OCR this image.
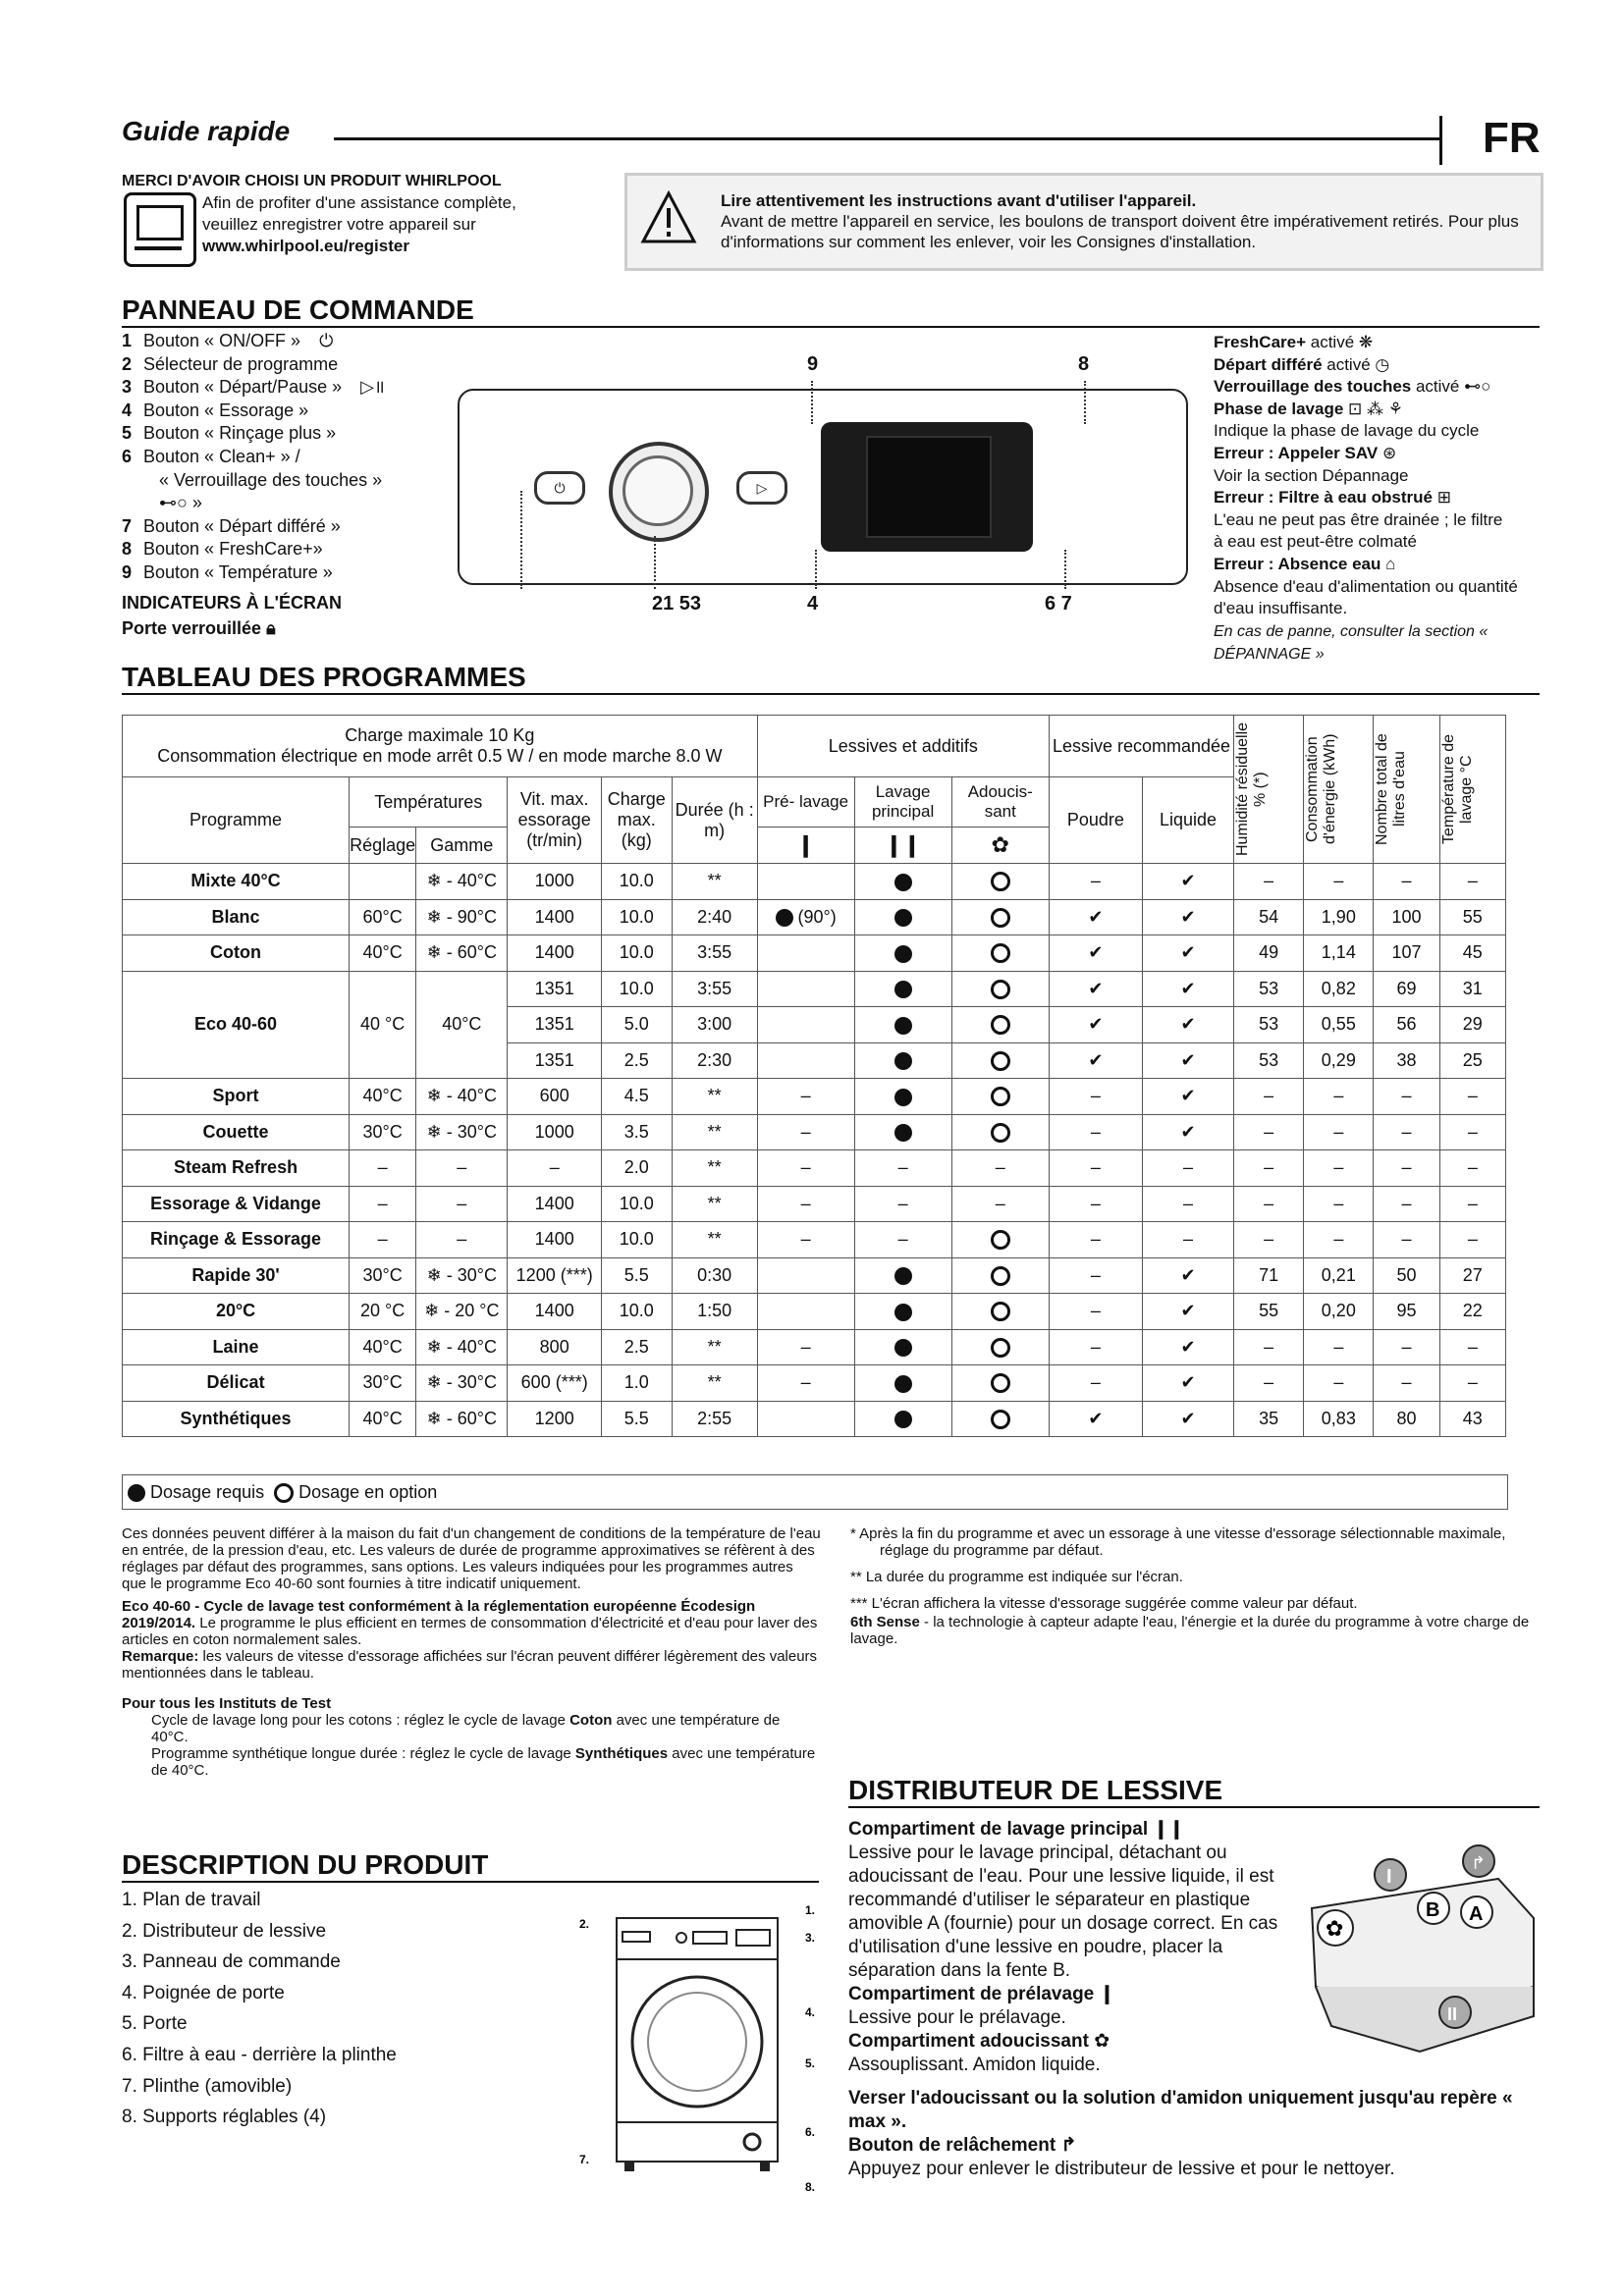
Guide rapide	FR
MERCI D'AVOIR CHOISI UN PRODUIT WHIRLPOOL
Afin de profiter d'une assistance complète,
veuillez enregistrer votre appareil sur
www.whirlpool.eu/register
Lire attentivement les instructions avant d'utiliser l'appareil.
Avant de mettre l'appareil en service, les boulons de transport doivent être impérativement retirés. Pour plus d'informations sur comment les enlever, voir les Consignes d'installation.
PANNEAU DE COMMANDE
1 Bouton « ON/OFF » ⏻
2 Sélecteur de programme
3 Bouton « Départ/Pause » ▷॥
4 Bouton « Essorage »
5 Bouton « Rinçage plus »
6 Bouton « Clean+ » /
« Verrouillage des touches »
⊷○ »
7 Bouton « Départ différé »
8 Bouton « FreshCare+»
9 Bouton « Température »
INDICATEURS À L'ÉCRAN
Porte verrouillée 🔒︎
⏻	▷
9	8
21 53	4	6 7
FreshCare+ activé ❋
Départ différé activé ◷
Verrouillage des touches activé ⊷○
Phase de lavage ⊡ ⁂ ⚘
Indique la phase de lavage du cycle
Erreur : Appeler SAV ⊛
Voir la section Dépannage
Erreur : Filtre à eau obstrué ⊞
L'eau ne peut pas être drainée ; le filtre
à eau est peut-être colmaté
Erreur : Absence eau ⌂
Absence d'eau d'alimentation ou quantité
d'eau insuffisante.
En cas de panne, consulter la section « DÉPANNAGE »
TABLEAU DES PROGRAMMES
Charge maximale 10 Kg
Consommation électrique en mode arrêt 0.5 W / en mode marche 8.0 W						Lessives et additifs			Lessive recommandée		Humidité résiduelle % (*)	Consommation d'énergie (kWh)	Nombre total de litres d'eau	Température de lavage °C

Programme	Températures		Vit. max. essorage (tr/min)	Charge max. (kg)	Durée (h : m)	Pré- lavage	Lavage principal	Adoucis- sant	Poudre	Liquide				
	Réglage	Gamme				❙	❙❙	✿						
Mixte 40°C		❄ - 40°C	1000	10.0	**				–	✔	–	–	–	–
Blanc	60°C	❄ - 90°C	1400	10.0	2:40	(90°)			✔	✔	54	1,90	100	55
Coton	40°C	❄ - 60°C	1400	10.0	3:55				✔	✔	49	1,14	107	45
Eco 40-60	40 °C	40°C	1351	10.0	3:55				✔	✔	53	0,82	69	31
			1351	5.0	3:00				✔	✔	53	0,55	56	29
			1351	2.5	2:30				✔	✔	53	0,29	38	25
Sport	40°C	❄ - 40°C	600	4.5	**	–			–	✔	–	–	–	–
Couette	30°C	❄ - 30°C	1000	3.5	**	–			–	✔	–	–	–	–
Steam Refresh	–	–	–	2.0	**	–	–	–	–	–	–	–	–	–
Essorage & Vidange	–	–	1400	10.0	**	–	–	–	–	–	–	–	–	–
Rinçage & Essorage	–	–	1400	10.0	**	–	–		–	–	–	–	–	–
Rapide 30'	30°C	❄ - 30°C	1200 (***)	5.5	0:30				–	✔	71	0,21	50	27
20°C	20 °C	❄ - 20 °C	1400	10.0	1:50				–	✔	55	0,20	95	22
Laine	40°C	❄ - 40°C	800	2.5	**	–			–	✔	–	–	–	–
Délicat	30°C	❄ - 30°C	600 (***)	1.0	**	–			–	✔	–	–	–	–
Synthétiques	40°C	❄ - 60°C	1200	5.5	2:55				✔	✔	35	0,83	80	43
Dosage requis Dosage en option
Ces données peuvent différer à la maison du fait d'un changement de conditions de la température de l'eau en entrée, de la pression d'eau, etc. Les valeurs de durée de programme approximatives se réfèrent à des réglages par défaut des programmes, sans options. Les valeurs indiquées pour les programmes autres que le programme Eco 40-60 sont fournies à titre indicatif uniquement.
Eco 40-60 - Cycle de lavage test conformément à la réglementation européenne Écodesign 2019/2014. Le programme le plus efficient en termes de consommation d'électricité et d'eau pour laver des articles en coton normalement sales.
Remarque: les valeurs de vitesse d'essorage affichées sur l'écran peuvent différer légèrement des valeurs mentionnées dans le tableau.
Pour tous les Instituts de Test
Cycle de lavage long pour les cotons : réglez le cycle de lavage Coton avec une température de 40°C.
Programme synthétique longue durée : réglez le cycle de lavage Synthétiques avec une température de 40°C.
* Après la fin du programme et avec un essorage à une vitesse d'essorage sélectionnable maximale, réglage du programme par défaut.
** La durée du programme est indiquée sur l'écran.
*** L'écran affichera la vitesse d'essorage suggérée comme valeur par défaut.
6th Sense - la technologie à capteur adapte l'eau, l'énergie et la durée du programme à votre charge de lavage.
DESCRIPTION DU PRODUIT
1. Plan de travail
2. Distributeur de lessive
3. Panneau de commande
4. Poignée de porte
5. Porte
6. Filtre à eau - derrière la plinthe
7. Plinthe (amovible)
8. Supports réglables (4)
1.
2.
3.
4.
5.
6.
7.
8.
DISTRIBUTEUR DE LESSIVE
Compartiment de lavage principal ❙❙
Lessive pour le lavage principal, détachant ou adoucissant de l'eau. Pour une lessive liquide, il est recommandé d'utiliser le séparateur en plastique amovible A (fournie) pour un dosage correct. En cas d'utilisation d'une lessive en poudre, placer la séparation dans la fente B.
Compartiment de prélavage ❙
Lessive pour le prélavage.
Compartiment adoucissant ✿
Assouplissant. Amidon liquide.
Verser l'adoucissant ou la solution d'amidon uniquement jusqu'au repère « max ».
Bouton de relâchement ↱
Appuyez pour enlever le distributeur de lessive et pour le nettoyer.
✿
I
B A
II
↱
